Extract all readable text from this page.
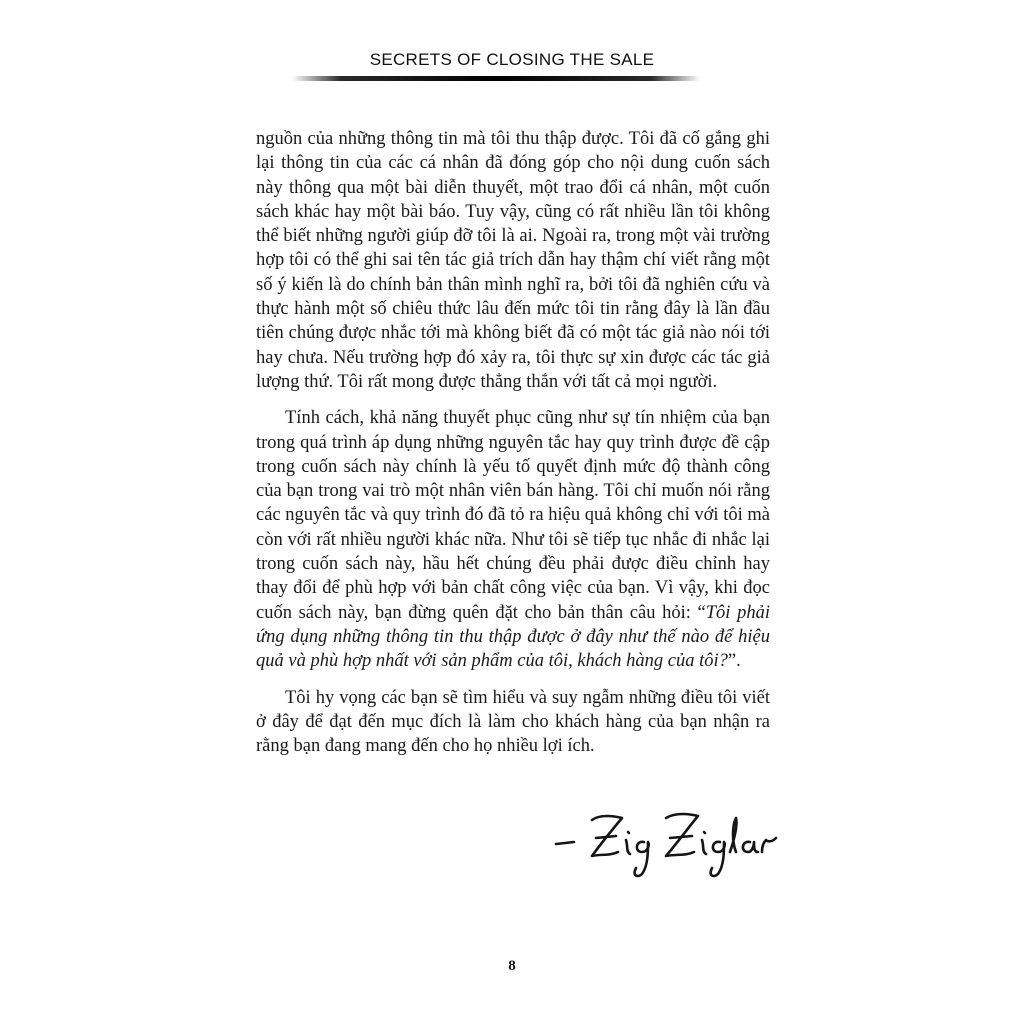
SECRETS OF CLOSING THE SALE

nguồn của những thông tin mà tôi thu thập được. Tôi đã cố gắng ghi lại thông tin của các cá nhân đã đóng góp cho nội dung cuốn sách này thông qua một bài diễn thuyết, một trao đổi cá nhân, một cuốn sách khác hay một bài báo. Tuy vậy, cũng có rất nhiều lần tôi không thể biết những người giúp đỡ tôi là ai. Ngoài ra, trong một vài trường hợp tôi có thể ghi sai tên tác giả trích dẫn hay thậm chí viết rằng một số ý kiến là do chính bản thân mình nghĩ ra, bởi tôi đã nghiên cứu và thực hành một số chiêu thức lâu đến mức tôi tin rằng đây là lần đầu tiên chúng được nhắc tới mà không biết đã có một tác giả nào nói tới hay chưa. Nếu trường hợp đó xảy ra, tôi thực sự xin được các tác giả lượng thứ. Tôi rất mong được thẳng thắn với tất cả mọi người.

Tính cách, khả năng thuyết phục cũng như sự tín nhiệm của bạn trong quá trình áp dụng những nguyên tắc hay quy trình được đề cập trong cuốn sách này chính là yếu tố quyết định mức độ thành công của bạn trong vai trò một nhân viên bán hàng. Tôi chỉ muốn nói rằng các nguyên tắc và quy trình đó đã tỏ ra hiệu quả không chỉ với tôi mà còn với rất nhiều người khác nữa. Như tôi sẽ tiếp tục nhắc đi nhắc lại trong cuốn sách này, hầu hết chúng đều phải được điều chỉnh hay thay đổi để phù hợp với bản chất công việc của bạn. Vì vậy, khi đọc cuốn sách này, bạn đừng quên đặt cho bản thân câu hỏi: “Tôi phải ứng dụng những thông tin thu thập được ở đây như thế nào để hiệu quả và phù hợp nhất với sản phẩm của tôi, khách hàng của tôi?”.

Tôi hy vọng các bạn sẽ tìm hiểu và suy ngẫm những điều tôi viết ở đây để đạt đến mục đích là làm cho khách hàng của bạn nhận ra rằng bạn đang mang đến cho họ nhiều lợi ích.

8
